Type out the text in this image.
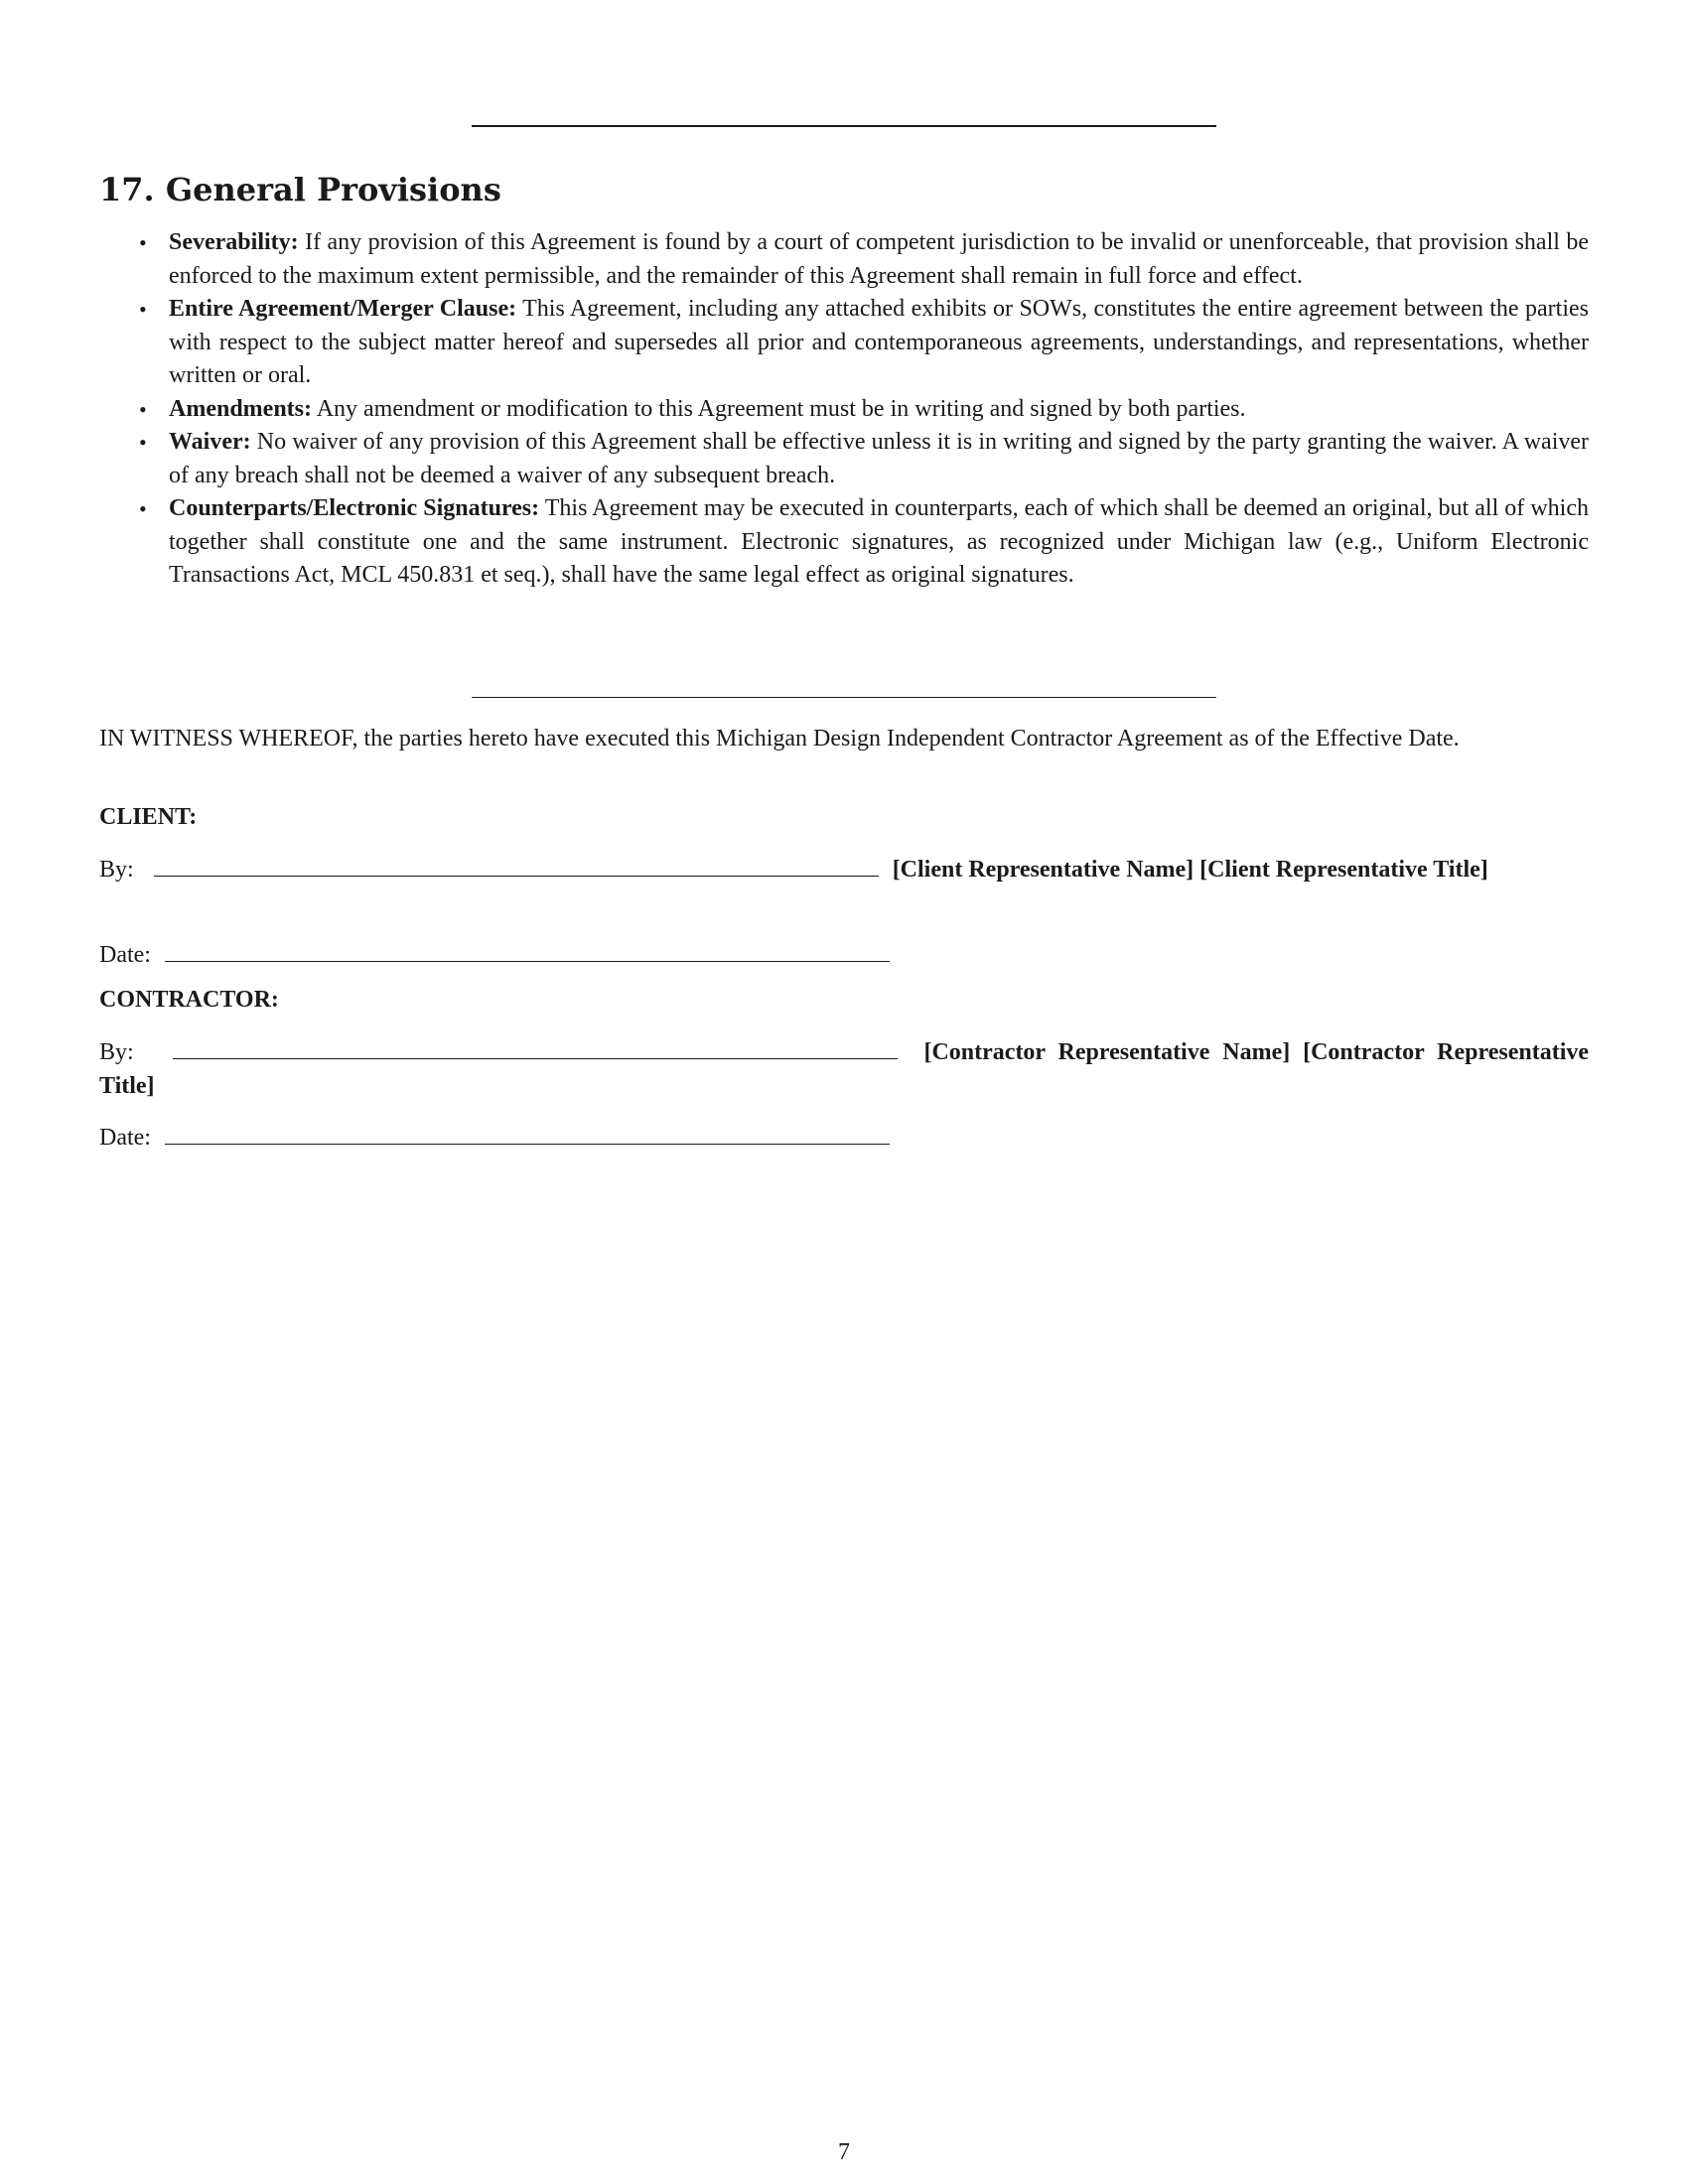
17. General Provisions
• Severability: If any provision of this Agreement is found by a court of competent jurisdiction to be invalid or unenforceable, that provision shall be enforced to the maximum extent permissible, and the remainder of this Agreement shall remain in full force and effect.
• Entire Agreement/Merger Clause: This Agreement, including any attached exhibits or SOWs, constitutes the entire agreement between the parties with respect to the subject matter hereof and supersedes all prior and contemporaneous agreements, understandings, and representations, whether written or oral.
• Amendments: Any amendment or modification to this Agreement must be in writing and signed by both parties.
• Waiver: No waiver of any provision of this Agreement shall be effective unless it is in writing and signed by the party granting the waiver. A waiver of any breach shall not be deemed a waiver of any subsequent breach.
• Counterparts/Electronic Signatures: This Agreement may be executed in counterparts, each of which shall be deemed an original, but all of which together shall constitute one and the same instrument. Electronic signatures, as recognized under Michigan law (e.g., Uniform Electronic Transactions Act, MCL 450.831 et seq.), shall have the same legal effect as original signatures.

IN WITNESS WHEREOF, the parties hereto have executed this Michigan Design Independent Contractor Agreement as of the Effective Date.

CLIENT:

By:	[Client Representative Name] [Client Representative Title]
Date:

CONTRACTOR:

By:	[Contractor Representative Name] [Contractor Representative Title]
Date:
7
